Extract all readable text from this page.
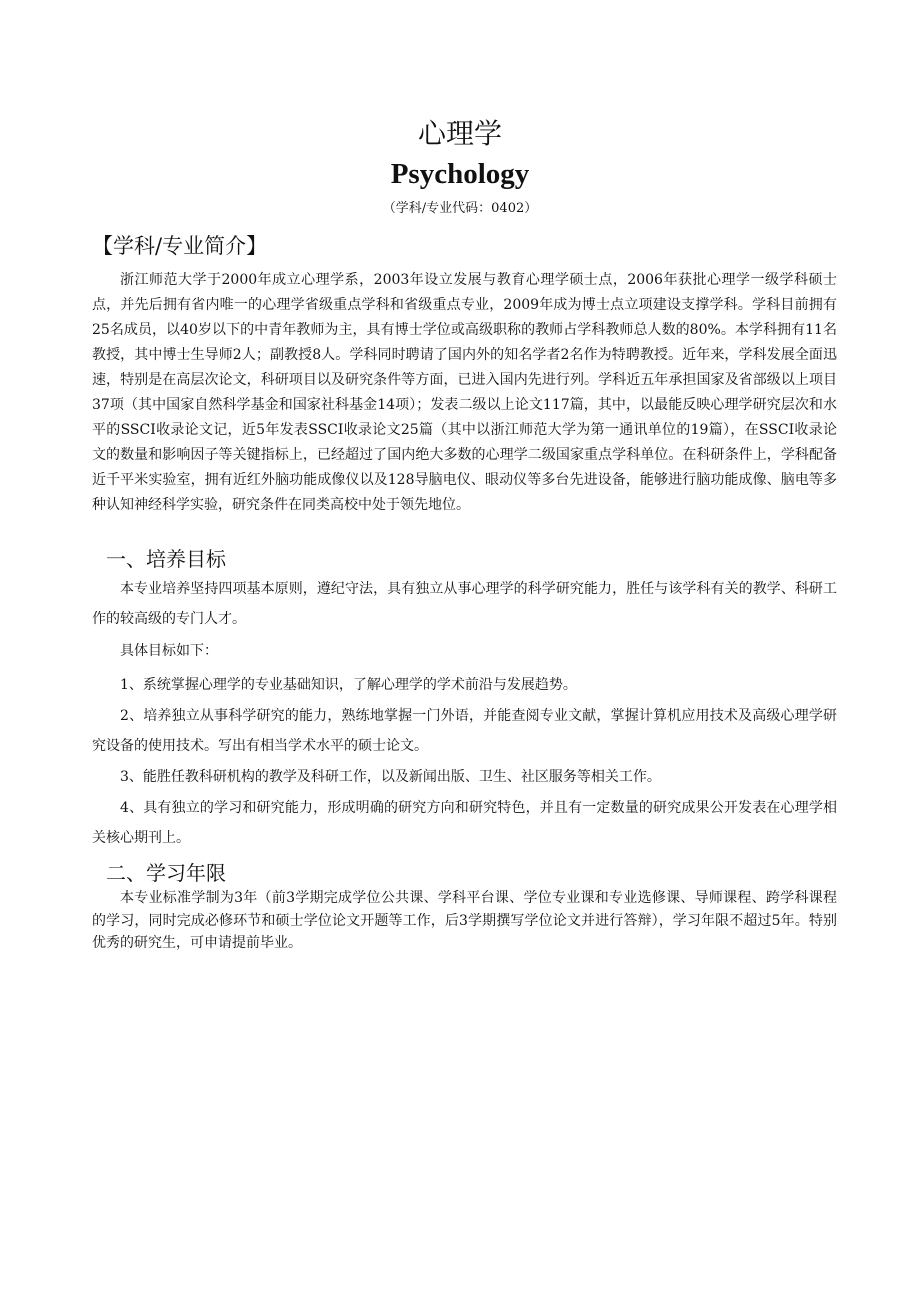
心理学
Psychology

（学科/专业代码：0402）

【学科/专业简介】

浙江师范大学于2000年成立心理学系，2003年设立发展与教育心理学硕士点，2006年获批心理学一级学科硕士点，并先后拥有省内唯一的心理学省级重点学科和省级重点专业，2009年成为博士点立项建设支撑学科。学科目前拥有25名成员，以40岁以下的中青年教师为主，具有博士学位或高级职称的教师占学科教师总人数的80%。本学科拥有11名教授，其中博士生导师2人；副教授8人。学科同时聘请了国内外的知名学者2名作为特聘教授。近年来，学科发展全面迅速，特别是在高层次论文，科研项目以及研究条件等方面，已进入国内先进行列。学科近五年承担国家及省部级以上项目37项（其中国家自然科学基金和国家社科基金14项）；发表二级以上论文117篇，其中，以最能反映心理学研究层次和水平的SSCI收录论文记，近5年发表SSCI收录论文25篇（其中以浙江师范大学为第一通讯单位的19篇），在SSCI收录论文的数量和影响因子等关键指标上，已经超过了国内绝大多数的心理学二级国家重点学科单位。在科研条件上，学科配备近千平米实验室，拥有近红外脑功能成像仪以及128导脑电仪、眼动仪等多台先进设备，能够进行脑功能成像、脑电等多种认知神经科学实验，研究条件在同类高校中处于领先地位。

一、培养目标

本专业培养坚持四项基本原则，遵纪守法，具有独立从事心理学的科学研究能力，胜任与该学科有关的教学、科研工作的较高级的专门人才。

具体目标如下：

1、系统掌握心理学的专业基础知识，了解心理学的学术前沿与发展趋势。
2、培养独立从事科学研究的能力，熟练地掌握一门外语，并能查阅专业文献，掌握计算机应用技术及高级心理学研究设备的使用技术。写出有相当学术水平的硕士论文。
3、能胜任教科研机构的教学及科研工作，以及新闻出版、卫生、社区服务等相关工作。
4、具有独立的学习和研究能力，形成明确的研究方向和研究特色，并且有一定数量的研究成果公开发表在心理学相关核心期刊上。
二、学习年限

本专业标准学制为3年（前3学期完成学位公共课、学科平台课、学位专业课和专业选修课、导师课程、跨学科课程的学习，同时完成必修环节和硕士学位论文开题等工作，后3学期撰写学位论文并进行答辩），学习年限不超过5年。特别优秀的研究生，可申请提前毕业。
